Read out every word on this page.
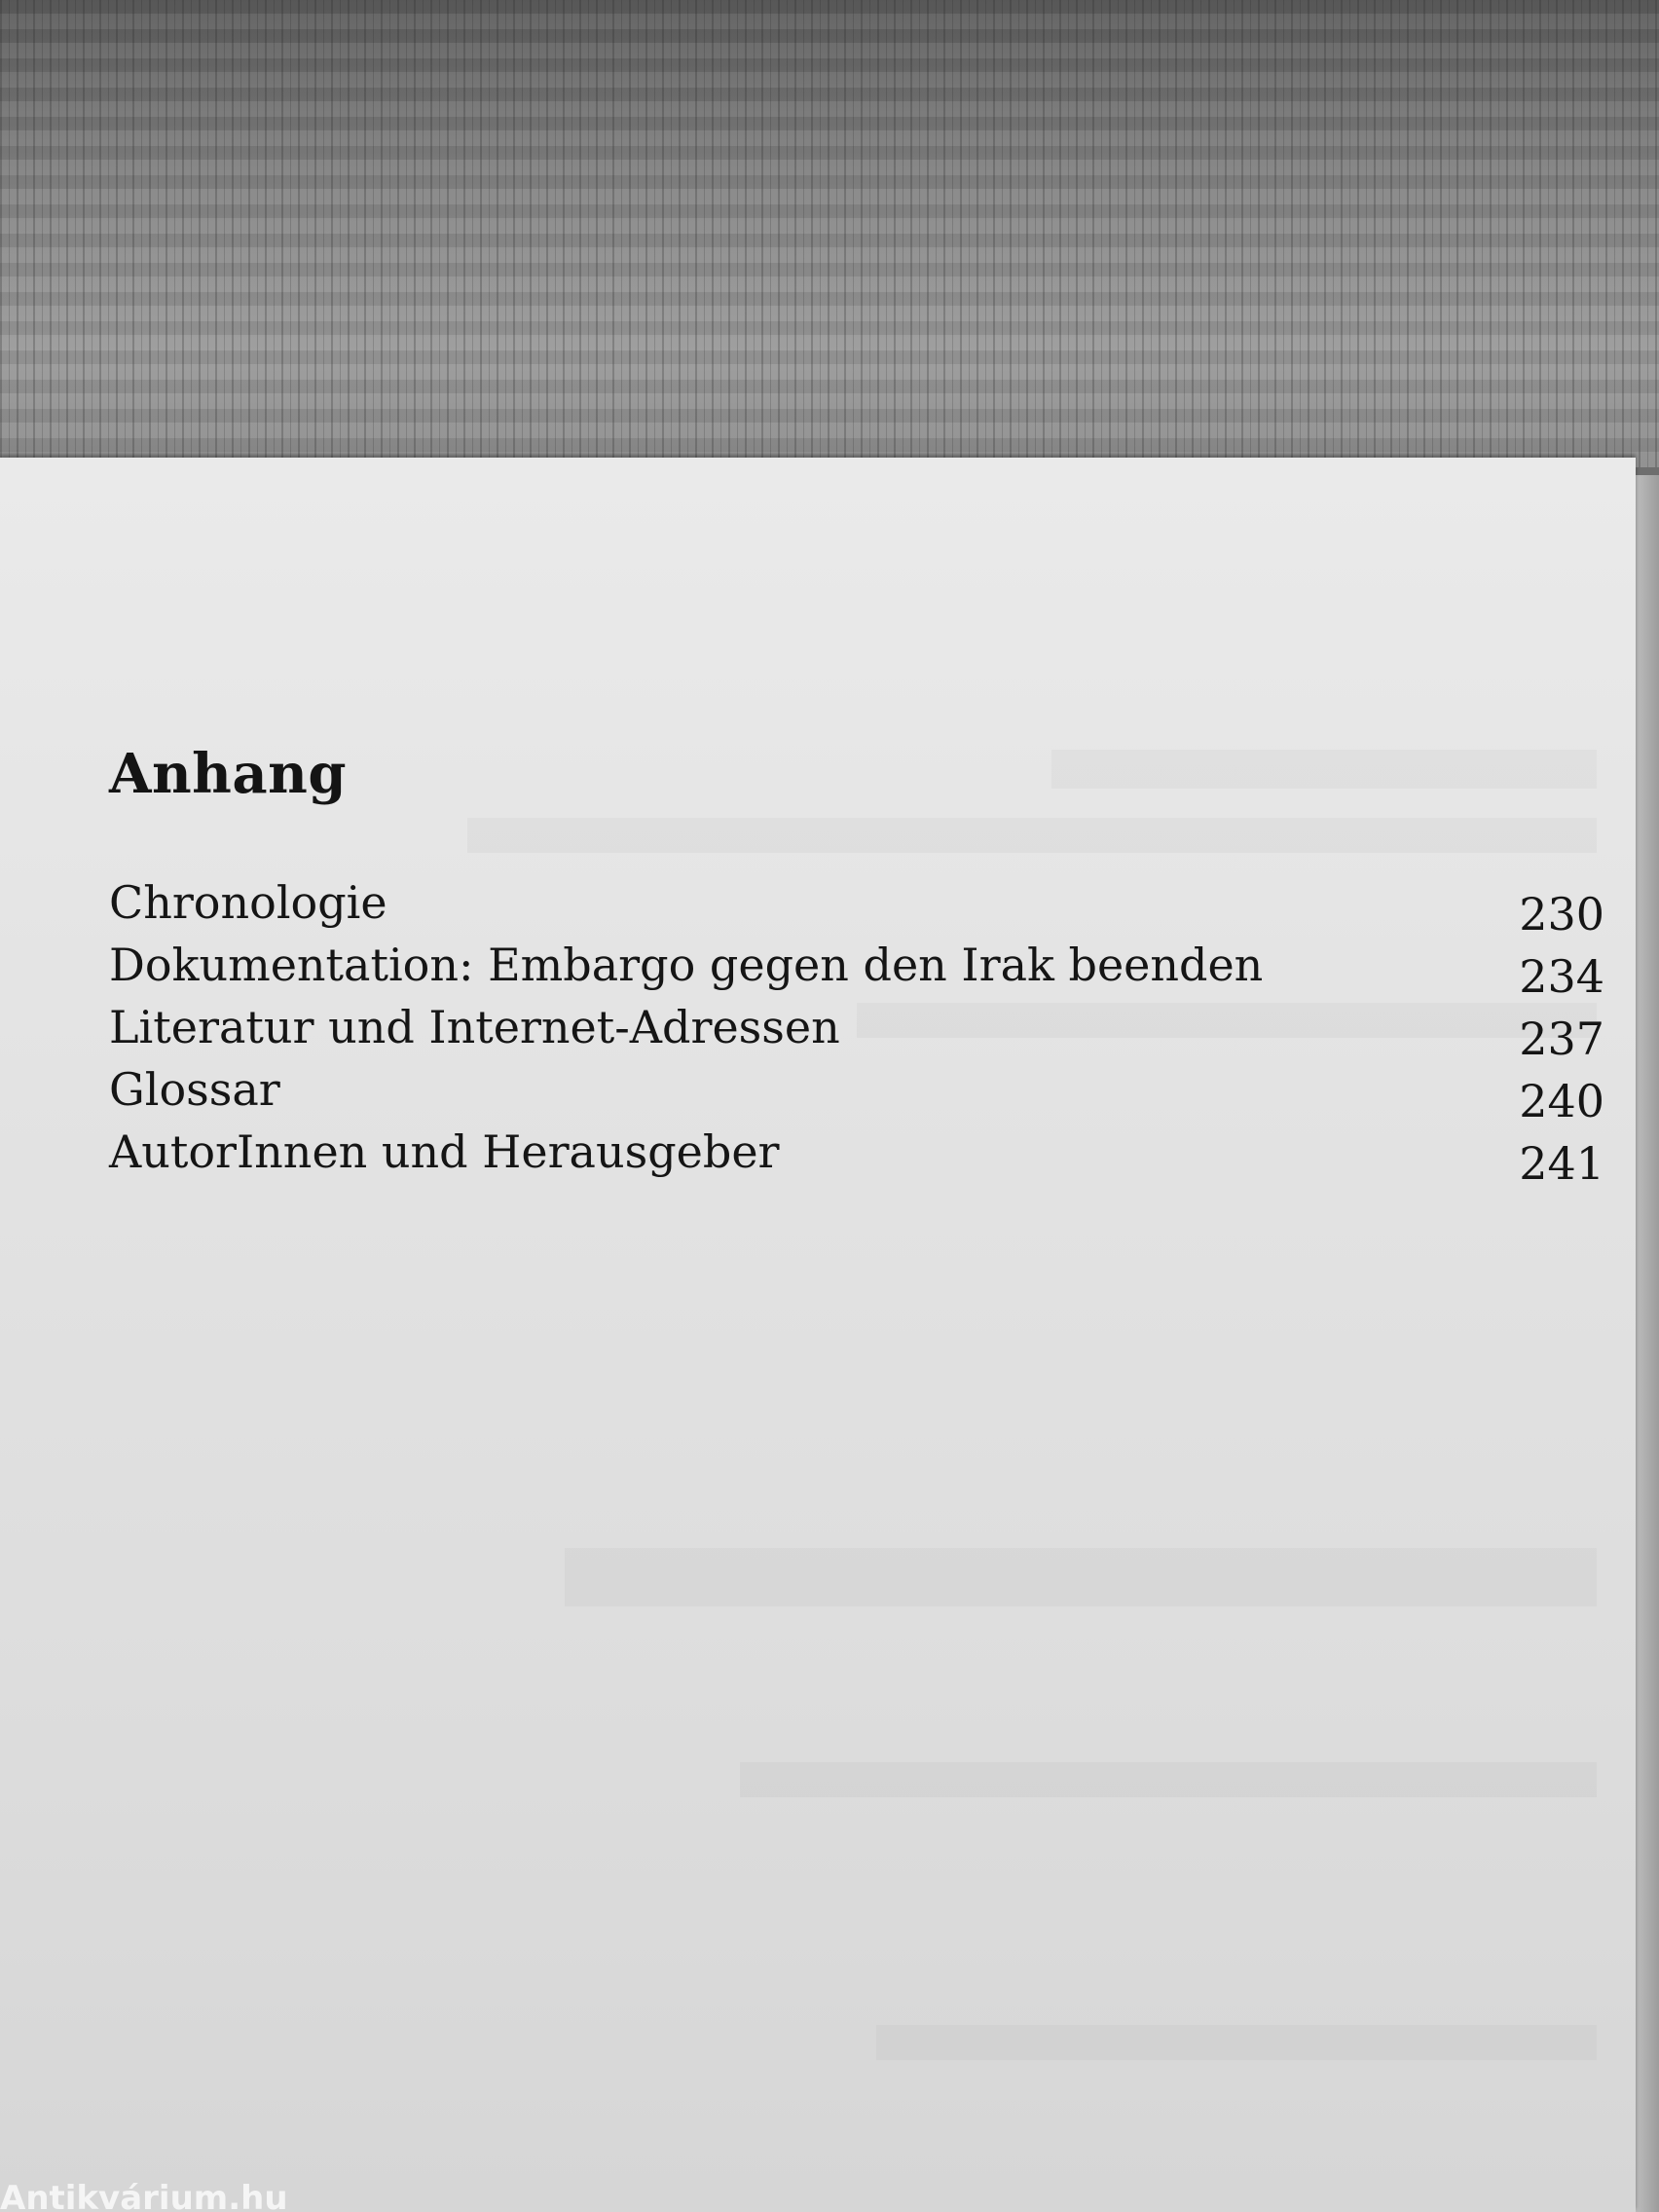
Anhang
Chronologie	230
Dokumentation: Embargo gegen den Irak beenden	234
Literatur und Internet-Adressen	237
Glossar	240
AutorInnen und Herausgeber	241
Antikvárium.hu
